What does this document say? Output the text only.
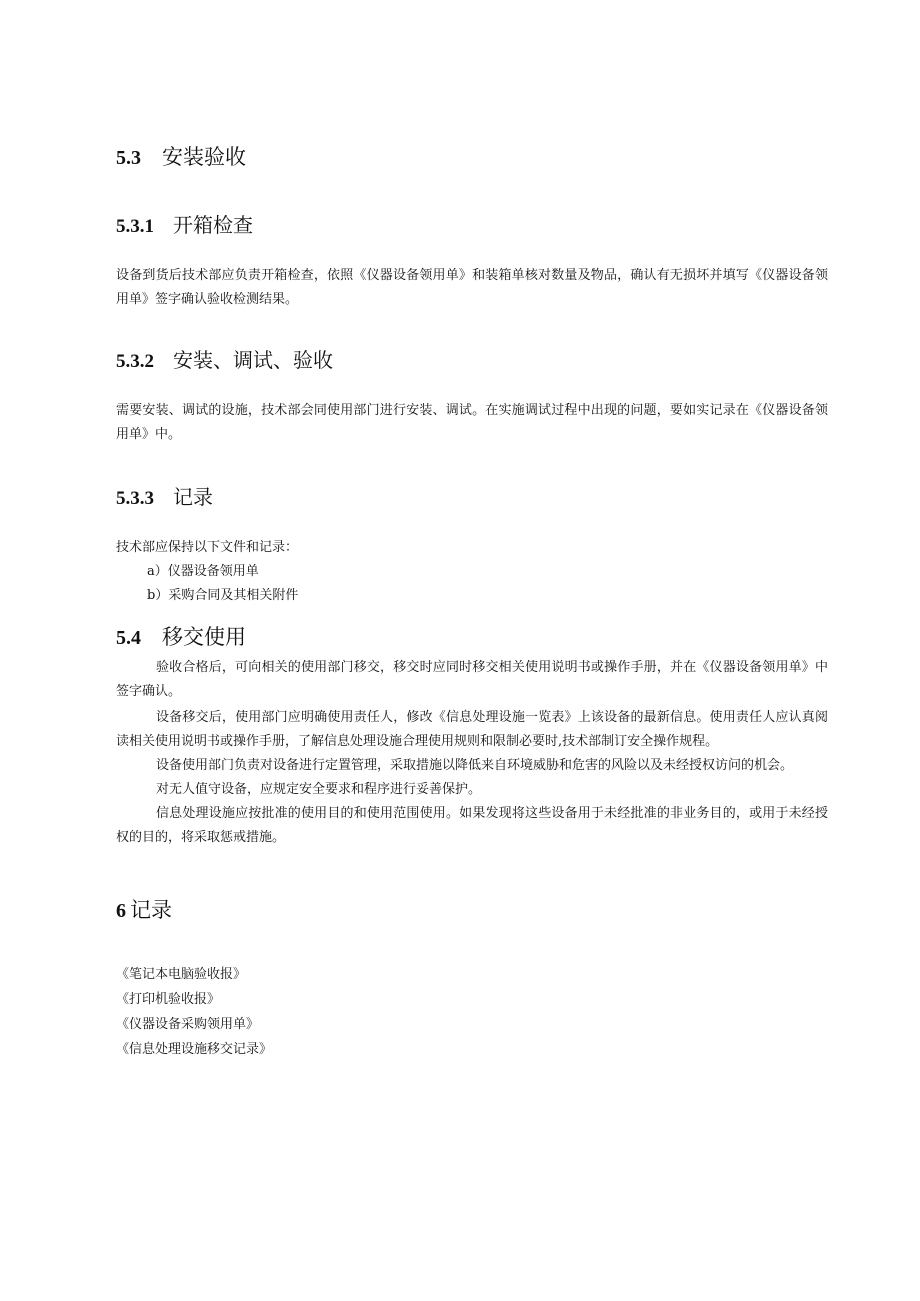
5.3 安装验收
5.3.1 开箱检查

设备到货后技术部应负责开箱检查，依照《仪器设备领用单》和装箱单核对数量及物品，确认有无损坏并填写《仪器设备领用单》签字确认验收检测结果。

5.3.2 安装、调试、验收

需要安装、调试的设施，技术部会同使用部门进行安装、调试。在实施调试过程中出现的问题，要如实记录在《仪器设备领用单》中。

5.3.3 记录
技术部应保持以下文件和记录：
a）仪器设备领用单
b）采购合同及其相关附件
5.4 移交使用

验收合格后，可向相关的使用部门移交，移交时应同时移交相关使用说明书或操作手册，并在《仪器设备领用单》中签字确认。

设备移交后，使用部门应明确使用责任人，修改《信息处理设施一览表》上该设备的最新信息。使用责任人应认真阅读相关使用说明书或操作手册，了解信息处理设施合理使用规则和限制必要时,技术部制订安全操作规程。

设备使用部门负责对设备进行定置管理，采取措施以降低来自环境威胁和危害的风险以及未经授权访问的机会。

对无人值守设备，应规定安全要求和程序进行妥善保护。

信息处理设施应按批准的使用目的和使用范围使用。如果发现将这些设备用于未经批准的非业务目的，或用于未经授权的目的，将采取惩戒措施。

6 记录
《笔记本电脑验收报》
《打印机验收报》
《仪器设备采购领用单》
《信息处理设施移交记录》
